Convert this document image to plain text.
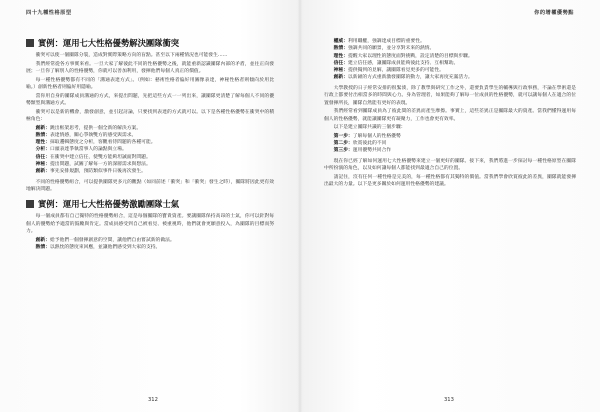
四十九種性格原型
實例：運用七大性格優勢解決團隊衝突

衝突可以使一個團隊分裂，造成對實際策略方向的盲點。甚至以下兩種情況也可能發生……

我們經常從各方事實來看。一旦大家了解彼此不同的性格優勢之後，就能重新認識團隊內部的矛盾，並往正向發展；一旦你了解別人的性格優勢，你就可以善加利用，發揮他們每個人真正的價值。

每一種性格優勢都有不同的「溝通表達方式」。（例如：藝術性格者偏好用圖像表達，神秘性格者則傾向於用比喻。）創新性格者則偏好用隱喻。

當你用自身的團隊成員溝通的方式，來提出問題，先把這些方式一一列出來，讓團隊更清楚了解每個人不同的優勢類型與溝通方式。

衝突可以是新的機會，激發創意，並引起討論，只要找到表達的方式就可以。以下是各種性格優勢在衝突中的積極角色：

創新：跳出框架思考，提供一個全新的解決方案。
熱情：表達情感，關心爭執雙方的感受與需求。
理性：採取邏輯態度之分析，客觀看待問題的各種可能。
分析：口頭表達爭執當事人的論點與立場。
信任：在衝突中建立信任，使雙方能夠坦誠面對問題。
神秘：提出問題，試圖了解每一方的深層需求與想法。
創新：事先安排規劃，預防類似事件日後再次發生。

不同的性格優勢組合，可以提供團隊更多元的觀點（如同前述「衝突」和「衝突」發生之時），團隊將因此更有效地解決問題。

實例：運用七大性格優勢激勵團隊士氣

每一個成員都有自己獨特的性格優勢組合，這是每個團隊的寶貴資產。要讓團隊保持高昂的士氣，你可以針對每個人的優勢給予適當的鼓勵與肯定。當成員感受到自己被看見、被重視時，他們就會更願意投入，為團隊的目標而努力。

創新：給予他們一個發揮創意的空間，讓他們自由嘗試新的做法。
熱情：以熱忱的態度來回應，並讓他們感受到大家的支持。
312
你的增權優勢點
權威：利用職權，強調達成目標的重要性。
熱情：強調共同的願景，並分享對未來的熱情。
理性：提醒大家以理性的態度面對挑戰，設定清楚的目標與步驟。
信任：建立信任感，讓團隊成員能夠彼此支持、互相幫助。
神秘：提供獨到的見解，讓團隊看見更多的可能性。
創新：以新穎的方式重新激發團隊的動力，讓大家再度充滿活力。

大學教授的日子經常安排的很緊湊，除了教學與研究工作之外，還要負責學生的輔導與行政事務，不論在學術還是行政上都要付出相當多的時間與心力。身為管理者，如果能夠了解每一位成員的性格優勢，就可以讓每個人在適合的位置發揮所長，團隊自然能有更好的表現。

我們經常看到團隊成員為了彼此間的差異而產生摩擦。事實上，這些差異正是團隊最大的資產。當我們懂得運用每個人的性格優勢，就能讓團隊更有凝聚力，工作也會更有效率。

以下是建立團隊共識的三個步驟：

第一步：了解每個人的性格優勢
第二步：欣賞彼此的不同
第三步：運用優勢共同合作

現在你已經了解如何運用七大性格優勢來建立一個更好的團隊。接下來，我們將進一步探討每一種性格原型在團隊中所扮演的角色，以及如何讓每個人都能找到最適合自己的位置。

請記住，沒有任何一種性格是完美的，每一種性格都有其獨特的價值。當我們學會欣賞彼此的差異，團隊就能發揮出最大的力量。以下是更多關於如何運用性格優勢的建議。

313
